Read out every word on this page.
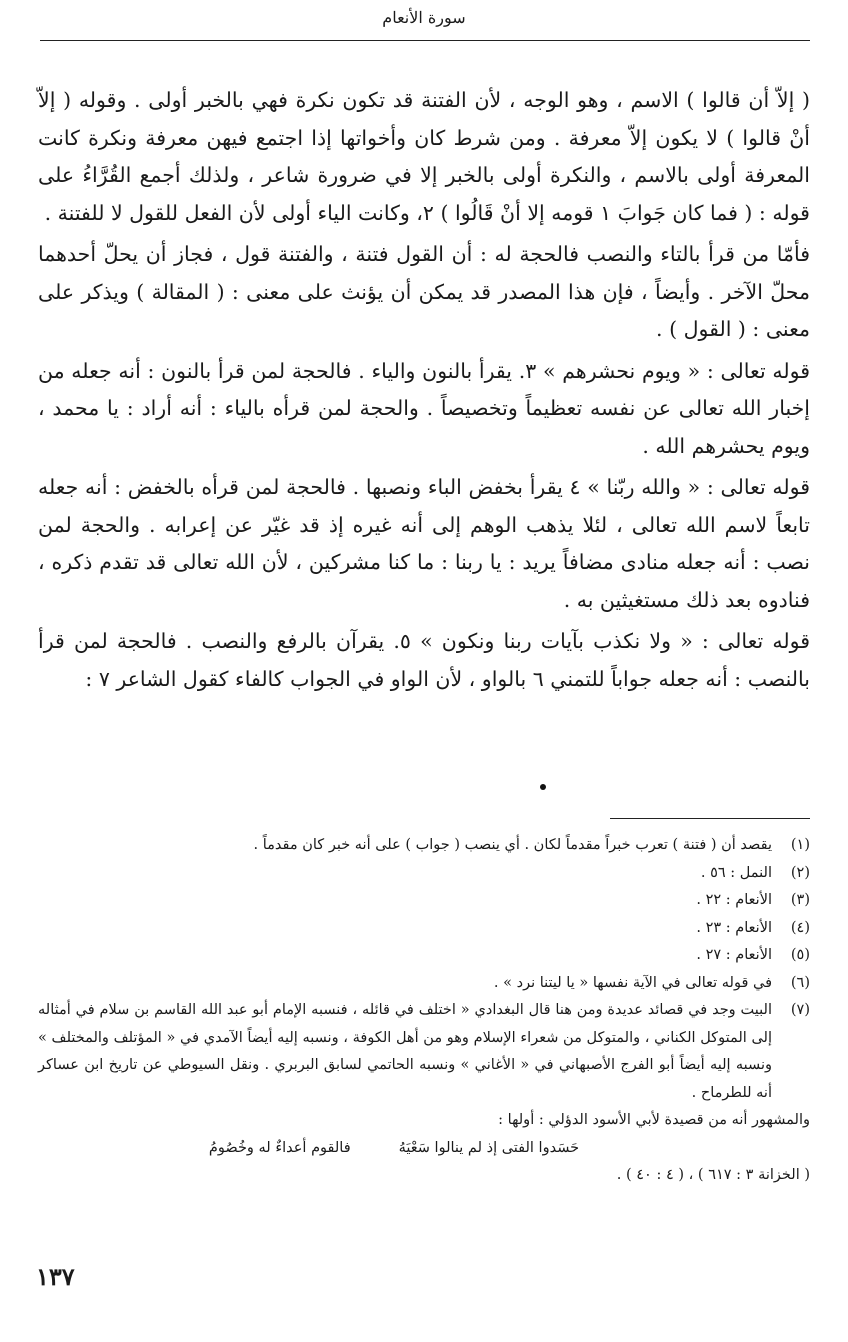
سورة الأنعام

( إلاّ أن قالوا ) الاسم ، وهو الوجه ، لأن الفتنة قد تكون نكرة فهي بالخبر أولى . وقوله ( إلاّ أنْ قالوا ) لا يكون إلاّ معرفة . ومن شرط كان وأخواتها إذا اجتمع فيهن معرفة ونكرة كانت المعرفة أولى بالاسم ، والنكرة أولى بالخبر إلا في ضرورة شاعر ، ولذلك أجمع القُرَّاءُ على قوله : ( فما كان جَوابَ ١ قومه إلا أنْ قَالُوا ) ٢، وكانت الياء أولى لأن الفعل للقول لا للفتنة .

فأمّا من قرأ بالتاء والنصب فالحجة له : أن القول فتنة ، والفتنة قول ، فجاز أن يحلّ أحدهما محلّ الآخر . وأيضاً ، فإن هذا المصدر قد يمكن أن يؤنث على معنى : ( المقالة ) ويذكر على معنى : ( القول ) .

قوله تعالى : « ويوم نحشرهم » ٣. يقرأ بالنون والياء . فالحجة لمن قرأ بالنون : أنه جعله من إخبار الله تعالى عن نفسه تعظيماً وتخصيصاً . والحجة لمن قرأه بالياء : أنه أراد : يا محمد ، ويوم يحشرهم الله .

قوله تعالى : « والله ربّنا » ٤ يقرأ بخفض الباء ونصبها . فالحجة لمن قرأه بالخفض : أنه جعله تابعاً لاسم الله تعالى ، لئلا يذهب الوهم إلى أنه غيره إذ قد غيّر عن إعرابه . والحجة لمن نصب : أنه جعله منادى مضافاً يريد : يا ربنا : ما كنا مشركين ، لأن الله تعالى قد تقدم ذكره ، فنادوه بعد ذلك مستغيثين به .

قوله تعالى : « ولا نكذب بآيات ربنا ونكون » ٥. يقرآن بالرفع والنصب . فالحجة لمن قرأ بالنصب : أنه جعله جواباً للتمني ٦ بالواو ، لأن الواو في الجواب كالفاء كقول الشاعر ٧ :

(١)
يقصد أن ( فتنة ) تعرب خبراً مقدماً لكان . أي ينصب ( جواب ) على أنه خبر كان مقدماً .
(٢)
النمل : ٥٦ .
(٣)
الأنعام : ٢٢ .
(٤)
الأنعام : ٢٣ .
(٥)
الأنعام : ٢٧ .
(٦)
في قوله تعالى في الآية نفسها « يا ليتنا نرد » .
(٧)
البيت وجد في قصائد عديدة ومن هنا قال البغدادي « اختلف في قائله ، فنسبه الإمام أبو عبد الله القاسم بن سلام في أمثاله إلى المتوكل الكناني ، والمتوكل من شعراء الإسلام وهو من أهل الكوفة ، ونسبه إليه أيضاً الآمدي في « المؤتلف والمختلف » ونسبه إليه أيضاً أبو الفرج الأصبهاني في « الأغاني » ونسبه الحاتمي لسابق البربري . ونقل السيوطي عن تاريخ ابن عساكر أنه للطرماح .
والمشهور أنه من قصيدة لأبي الأسود الدؤلي : أولها :
حَسَدوا الفتى إذ لم ينالوا سَعْيَهُ
فالقوم أعداءٌ له وخُصُومُ
( الخزانة ٣ : ٦١٧ ) ، ( ٤ : ٤٠ ) .
١٣٧
